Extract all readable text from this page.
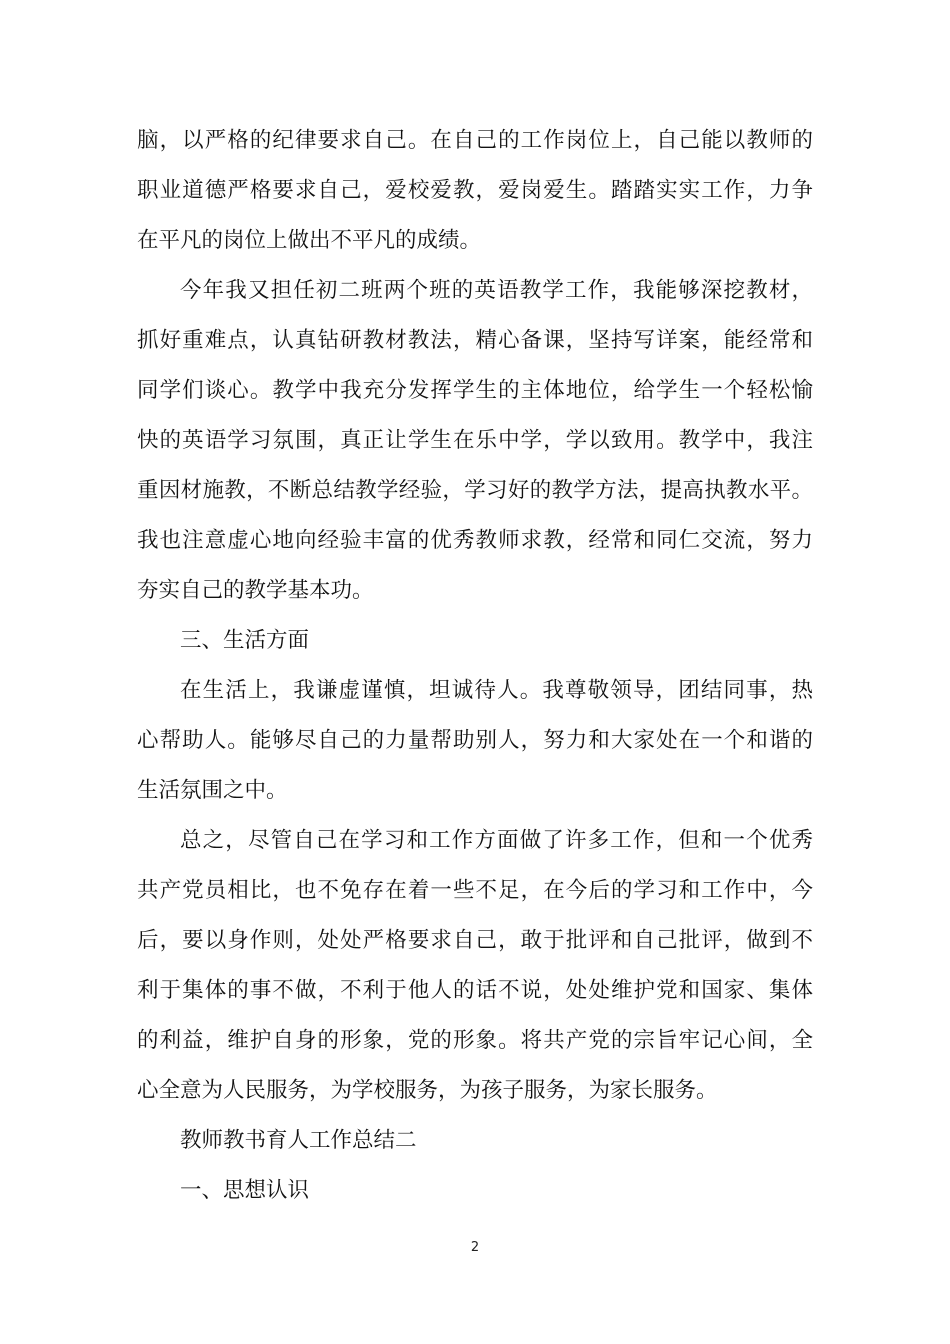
脑，以严格的纪律要求自己。在自己的工作岗位上，自己能以教师的
职业道德严格要求自己，爱校爱教，爱岗爱生。踏踏实实工作，力争
在平凡的岗位上做出不平凡的成绩。
今年我又担任初二班两个班的英语教学工作，我能够深挖教材，
抓好重难点，认真钻研教材教法，精心备课，坚持写详案，能经常和
同学们谈心。教学中我充分发挥学生的主体地位，给学生一个轻松愉
快的英语学习氛围，真正让学生在乐中学，学以致用。教学中，我注
重因材施教，不断总结教学经验，学习好的教学方法，提高执教水平。
我也注意虚心地向经验丰富的优秀教师求教，经常和同仁交流，努力
夯实自己的教学基本功。
三、生活方面
在生活上，我谦虚谨慎，坦诚待人。我尊敬领导，团结同事，热
心帮助人。能够尽自己的力量帮助别人，努力和大家处在一个和谐的
生活氛围之中。
总之，尽管自己在学习和工作方面做了许多工作，但和一个优秀
共产党员相比，也不免存在着一些不足，在今后的学习和工作中，今
后，要以身作则，处处严格要求自己，敢于批评和自己批评，做到不
利于集体的事不做，不利于他人的话不说，处处维护党和国家、集体
的利益，维护自身的形象，党的形象。将共产党的宗旨牢记心间，全
心全意为人民服务，为学校服务，为孩子服务，为家长服务。
教师教书育人工作总结二
一、思想认识
2
